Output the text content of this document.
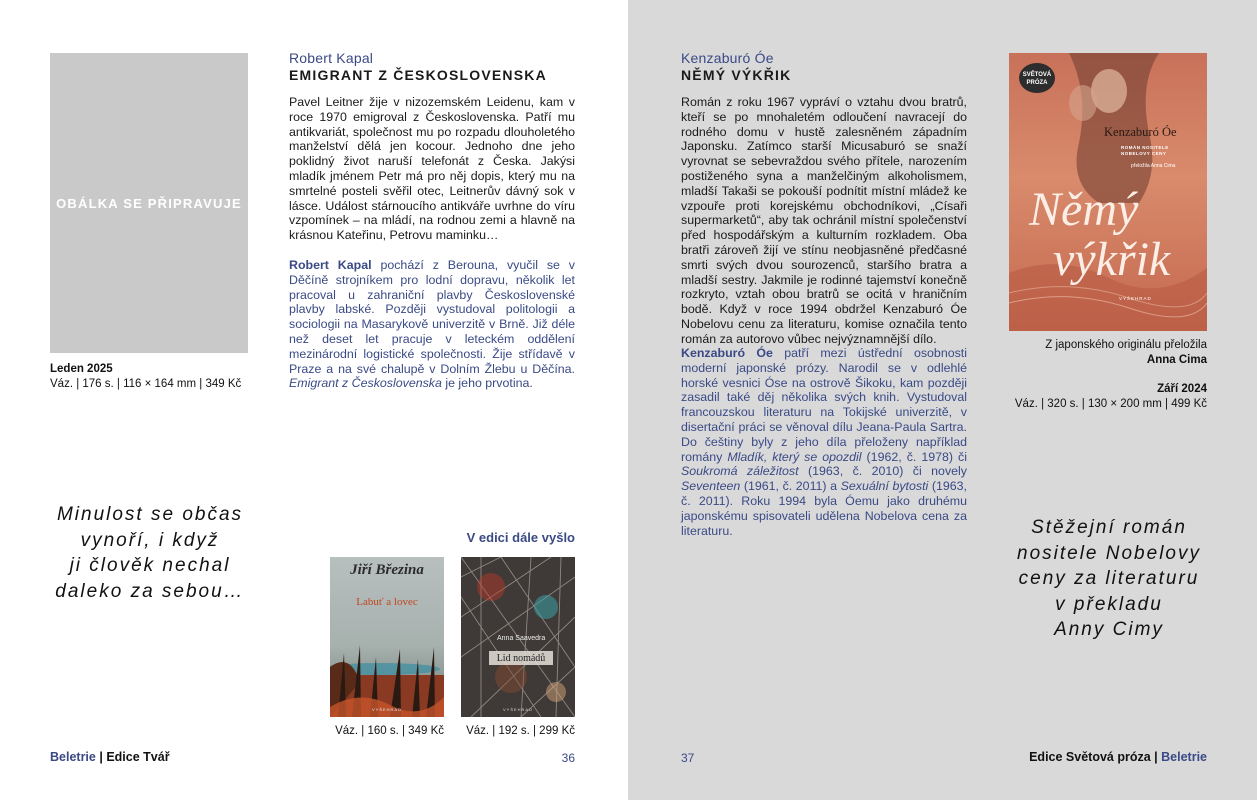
OBÁLKA SE PŘIPRAVUJE
Leden 2025
Váz. | 176 s. | 116 × 164 mm | 349 Kč
Robert Kapal
EMIGRANT Z ČESKOSLOVENSKA
Pavel Leitner žije v nizozemském Leidenu, kam v roce 1970 emigroval z Československa. Patří mu antikvariát, společnost mu po rozpadu dlouholetého manželství dělá jen kocour. Jednoho dne jeho poklidný život naruší telefonát z Česka. Jakýsi mladík jménem Petr má pro něj dopis, který mu na smrtelné posteli svěřil otec, Leitnerův dávný sok v lásce. Událost stárnoucího antikváře uvrhne do víru vzpomínek – na mládí, na rodnou zemi a hlavně na krásnou Kateřinu, Petrovu maminku…
Robert Kapal pochází z Berouna, vyučil se v Děčíně strojníkem pro lodní dopravu, několik let pracoval u zahraniční plavby Československé plavby labské. Později vystudoval politologii a sociologii na Masarykově univerzitě v Brně. Již déle než deset let pracuje v leteckém oddělení mezinárodní logistické společnosti. Žije střídavě v Praze a na své chalupě v Dolním Žlebu u Děčína. Emigrant z Československa je jeho prvotina.
Minulost se občas
vynoří, i když
ji člověk nechal
daleko za sebou…
V edici dále vyšlo
Jiří Březina
Labuť a lovec
VYŠEHRAD
Váz. | 160 s. | 349 Kč
Anna Saavedra
Lid nomádů
VYŠEHRAD
Váz. | 192 s. | 299 Kč
Beletrie | Edice Tvář	36
Kenzaburó Óe
NĚMÝ VÝKŘIK
Román z roku 1967 vypráví o vztahu dvou bratrů, kteří se po mnohaletém odloučení navracejí do rodného domu v hustě zalesněném západním Japonsku. Zatímco starší Micusaburó se snaží vyrovnat se sebevraždou svého přítele, narozením postiženého syna a manželčiným alkoholismem, mladší Takaši se pokouší podnítit místní mládež ke vzpouře proti korejskému obchodníkovi, „Císaři supermarketů“, aby tak ochránil místní společenství před hospodářským a kulturním rozkladem. Oba bratři zároveň žijí ve stínu neobjasněné předčasné smrti svých dvou sourozenců, staršího bratra a mladší sestry. Jakmile je rodinné tajemství konečně rozkryto, vztah obou bratrů se ocitá v hraničním bodě. Když v roce 1994 obdržel Kenzaburó Óe Nobelovu cenu za literaturu, komise označila tento román za autorovo vůbec nejvýznamnější dílo.
Kenzaburó Óe patří mezi ústřední osobnosti moderní japonské prózy. Narodil se v odlehlé horské vesnici Óse na ostrově Šikoku, kam později zasadil také děj několika svých knih. Vystudoval francouzskou literaturu na Tokijské univerzitě, v disertační práci se věnoval dílu Jeana-Paula Sartra. Do češtiny byly z jeho díla přeloženy například romány Mladík, který se opozdil (1962, č. 1978) či Soukromá záležitost (1963, č. 2010) či novely Seventeen (1961, č. 2011) a Sexuální bytosti (1963, č. 2011). Roku 1994 byla Óemu jako druhému japonskému spisovateli udělena Nobelova cena za literaturu.
SVĚTOVÁ
PRÓZA
Kenzaburó Óe
ROMÁN NOSITELE
NOBELOVY CENY
přeložila Anna Cima
Němý
výkřik
VYŠEHRAD
Z japonského originálu přeložila
Anna Cima
Září 2024
Váz. | 320 s. | 130 × 200 mm | 499 Kč
Stěžejní román
nositele Nobelovy
ceny za literaturu
v překladu
Anny Cimy
37	Edice Světová próza | Beletrie
